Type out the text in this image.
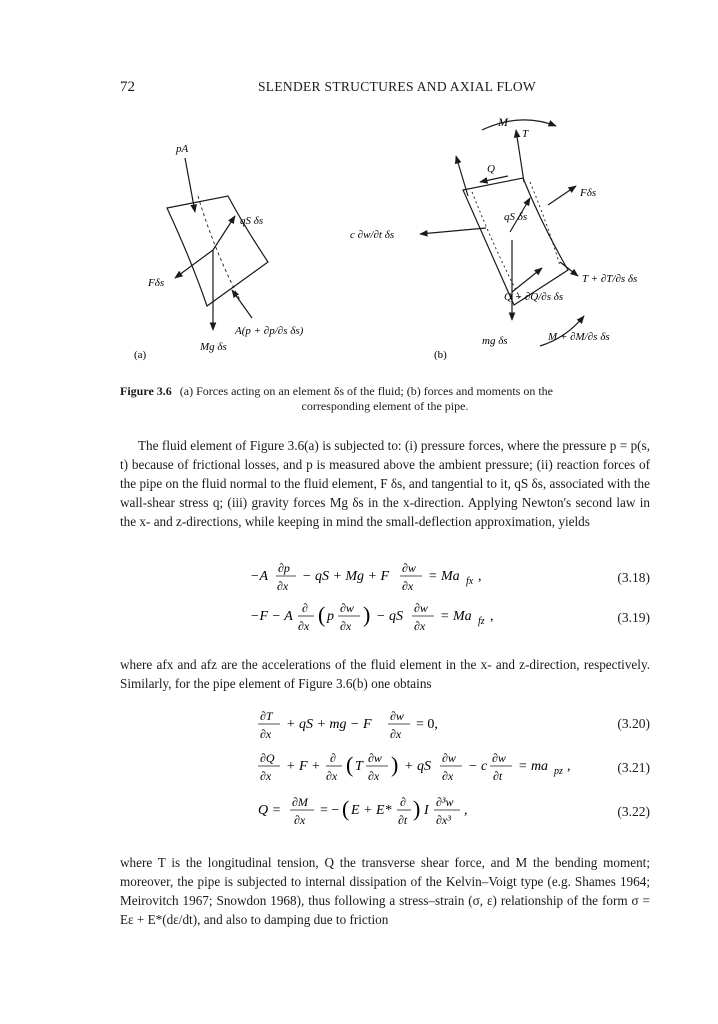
72	SLENDER STRUCTURES AND AXIAL FLOW
pA
qS δs
Fδs
Mg δs
A(p + ∂p/∂s δs)
(a)
M
T
Q
Fδs
qS δs
c ∂w/∂t δs
T + ∂T/∂s δs
Q + ∂Q/∂s δs
mg δs	M + ∂M/∂s δs
(b)
Figure 3.6 (a) Forces acting on an element δs of the fluid; (b) forces and moments on the
corresponding element of the pipe.

The fluid element of Figure 3.6(a) is subjected to: (i) pressure forces, where the pressure p = p(s, t) because of frictional losses, and p is measured above the ambient pressure; (ii) reaction forces of the pipe on the fluid normal to the fluid element, F δs, and tangential to it, qS δs, associated with the wall-shear stress q; (iii) gravity forces Mg δs in the x-direction. Applying Newton's second law in the x- and z-directions, while keeping in mind the small-deflection approximation, yields

−A
∂p
∂x
− qS + Mg + F
∂w
∂x
= Ma fx ,	(3.18)
−F − A
∂
∂x ( p
∂w
∂x ) − qS
∂w
∂x
= Ma fz ,	(3.19)

where afx and afz are the accelerations of the fluid element in the x- and z-direction, respectively. Similarly, for the pipe element of Figure 3.6(b) one obtains

∂T
∂x
+ qS + mg − F
∂w
∂x
= 0,	(3.20)
∂Q
∂x
+ F +
∂
∂x ( T
∂w
∂x ) + qS
∂w
∂x
− c
∂w
∂t
= ma pz ,	(3.21)
Q =
∂M
∂x
= − ( E + E*
∂
∂t ) I
∂³w
∂x³
,	(3.22)

where T is the longitudinal tension, Q the transverse shear force, and M the bending moment; moreover, the pipe is subjected to internal dissipation of the Kelvin–Voigt type (e.g. Shames 1964; Meirovitch 1967; Snowdon 1968), thus following a stress–strain (σ, ε) relationship of the form σ = Eε + E*(dε/dt), and also to damping due to friction
